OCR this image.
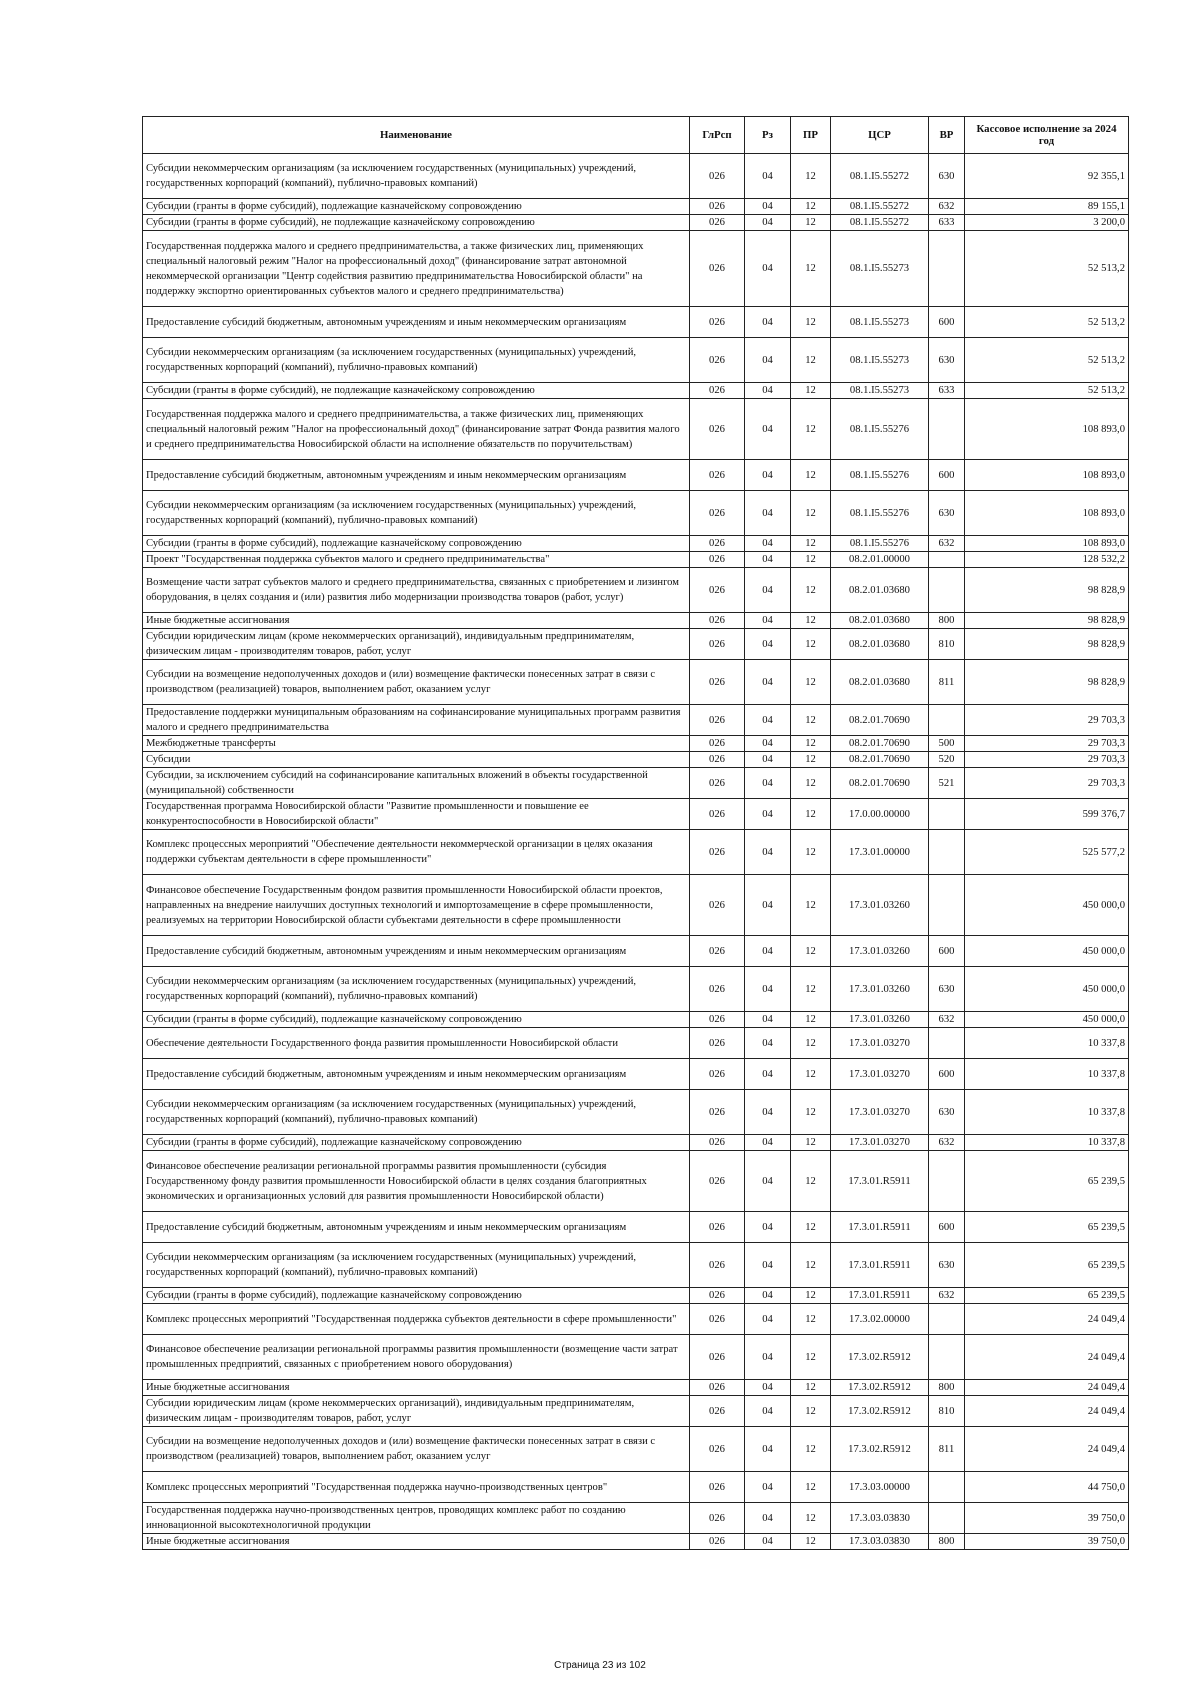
Наименование	ГлРсп	Рз	ПР	ЦСР	ВР	Кассовое исполнение за 2024 год
Субсидии некоммерческим организациям (за исключением государственных (муниципальных) учреждений, государственных корпораций (компаний), публично-правовых компаний)	026	04	12	08.1.I5.55272	630	92 355,1
Субсидии (гранты в форме субсидий), подлежащие казначейскому сопровождению	026	04	12	08.1.I5.55272	632	89 155,1
Субсидии (гранты в форме субсидий), не подлежащие казначейскому сопровождению	026	04	12	08.1.I5.55272	633	3 200,0
Государственная поддержка малого и среднего предпринимательства, а также физических лиц, применяющих специальный налоговый режим "Налог на профессиональный доход" (финансирование затрат автономной некоммерческой организации "Центр содействия развитию предпринимательства Новосибирской области" на поддержку экспортно ориентированных субъектов малого и среднего предпринимательства)	026	04	12	08.1.I5.55273		52 513,2
Предоставление субсидий бюджетным, автономным учреждениям и иным некоммерческим организациям	026	04	12	08.1.I5.55273	600	52 513,2
Субсидии некоммерческим организациям (за исключением государственных (муниципальных) учреждений, государственных корпораций (компаний), публично-правовых компаний)	026	04	12	08.1.I5.55273	630	52 513,2
Субсидии (гранты в форме субсидий), не подлежащие казначейскому сопровождению	026	04	12	08.1.I5.55273	633	52 513,2
Государственная поддержка малого и среднего предпринимательства, а также физических лиц, применяющих специальный налоговый режим "Налог на профессиональный доход" (финансирование затрат Фонда развития малого и среднего предпринимательства Новосибирской области на исполнение обязательств по поручительствам)	026	04	12	08.1.I5.55276		108 893,0
Предоставление субсидий бюджетным, автономным учреждениям и иным некоммерческим организациям	026	04	12	08.1.I5.55276	600	108 893,0
Субсидии некоммерческим организациям (за исключением государственных (муниципальных) учреждений, государственных корпораций (компаний), публично-правовых компаний)	026	04	12	08.1.I5.55276	630	108 893,0
Субсидии (гранты в форме субсидий), подлежащие казначейскому сопровождению	026	04	12	08.1.I5.55276	632	108 893,0
Проект "Государственная поддержка субъектов малого и среднего предпринимательства"	026	04	12	08.2.01.00000		128 532,2
Возмещение части затрат субъектов малого и среднего предпринимательства, связанных с приобретением и лизингом оборудования, в целях создания и (или) развития либо модернизации производства товаров (работ, услуг)	026	04	12	08.2.01.03680		98 828,9
Иные бюджетные ассигнования	026	04	12	08.2.01.03680	800	98 828,9
Субсидии юридическим лицам (кроме некоммерческих организаций), индивидуальным предпринимателям, физическим лицам - производителям товаров, работ, услуг	026	04	12	08.2.01.03680	810	98 828,9
Субсидии на возмещение недополученных доходов и (или) возмещение фактически понесенных затрат в связи с производством (реализацией) товаров, выполнением работ, оказанием услуг	026	04	12	08.2.01.03680	811	98 828,9
Предоставление поддержки муниципальным образованиям на софинансирование муниципальных программ развития малого и среднего предпринимательства	026	04	12	08.2.01.70690		29 703,3
Межбюджетные трансферты	026	04	12	08.2.01.70690	500	29 703,3
Субсидии	026	04	12	08.2.01.70690	520	29 703,3
Субсидии, за исключением субсидий на софинансирование капитальных вложений в объекты государственной (муниципальной) собственности	026	04	12	08.2.01.70690	521	29 703,3
Государственная программа Новосибирской области "Развитие промышленности и повышение ее конкурентоспособности в Новосибирской области"	026	04	12	17.0.00.00000		599 376,7
Комплекс процессных мероприятий "Обеспечение деятельности некоммерческой организации в целях оказания поддержки субъектам деятельности в сфере промышленности"	026	04	12	17.3.01.00000		525 577,2
Финансовое обеспечение Государственным фондом развития промышленности Новосибирской области проектов, направленных на внедрение наилучших доступных технологий и импортозамещение в сфере промышленности, реализуемых на территории Новосибирской области субъектами деятельности в сфере промышленности	026	04	12	17.3.01.03260		450 000,0
Предоставление субсидий бюджетным, автономным учреждениям и иным некоммерческим организациям	026	04	12	17.3.01.03260	600	450 000,0
Субсидии некоммерческим организациям (за исключением государственных (муниципальных) учреждений, государственных корпораций (компаний), публично-правовых компаний)	026	04	12	17.3.01.03260	630	450 000,0
Субсидии (гранты в форме субсидий), подлежащие казначейскому сопровождению	026	04	12	17.3.01.03260	632	450 000,0
Обеспечение деятельности Государственного фонда развития промышленности Новосибирской области	026	04	12	17.3.01.03270		10 337,8
Предоставление субсидий бюджетным, автономным учреждениям и иным некоммерческим организациям	026	04	12	17.3.01.03270	600	10 337,8
Субсидии некоммерческим организациям (за исключением государственных (муниципальных) учреждений, государственных корпораций (компаний), публично-правовых компаний)	026	04	12	17.3.01.03270	630	10 337,8
Субсидии (гранты в форме субсидий), подлежащие казначейскому сопровождению	026	04	12	17.3.01.03270	632	10 337,8
Финансовое обеспечение реализации региональной программы развития промышленности (субсидия Государственному фонду развития промышленности Новосибирской области в целях создания благоприятных экономических и организационных условий для развития промышленности Новосибирской области)	026	04	12	17.3.01.R5911		65 239,5
Предоставление субсидий бюджетным, автономным учреждениям и иным некоммерческим организациям	026	04	12	17.3.01.R5911	600	65 239,5
Субсидии некоммерческим организациям (за исключением государственных (муниципальных) учреждений, государственных корпораций (компаний), публично-правовых компаний)	026	04	12	17.3.01.R5911	630	65 239,5
Субсидии (гранты в форме субсидий), подлежащие казначейскому сопровождению	026	04	12	17.3.01.R5911	632	65 239,5
Комплекс процессных мероприятий "Государственная поддержка субъектов деятельности в сфере промышленности"	026	04	12	17.3.02.00000		24 049,4
Финансовое обеспечение реализации региональной программы развития промышленности (возмещение части затрат промышленных предприятий, связанных с приобретением нового оборудования)	026	04	12	17.3.02.R5912		24 049,4
Иные бюджетные ассигнования	026	04	12	17.3.02.R5912	800	24 049,4
Субсидии юридическим лицам (кроме некоммерческих организаций), индивидуальным предпринимателям, физическим лицам - производителям товаров, работ, услуг	026	04	12	17.3.02.R5912	810	24 049,4
Субсидии на возмещение недополученных доходов и (или) возмещение фактически понесенных затрат в связи с производством (реализацией) товаров, выполнением работ, оказанием услуг	026	04	12	17.3.02.R5912	811	24 049,4
Комплекс процессных мероприятий "Государственная поддержка научно-производственных центров"	026	04	12	17.3.03.00000		44 750,0
Государственная поддержка научно-производственных центров, проводящих комплекс работ по созданию инновационной высокотехнологичной продукции	026	04	12	17.3.03.03830		39 750,0
Иные бюджетные ассигнования	026	04	12	17.3.03.03830	800	39 750,0
Страница 23 из 102
